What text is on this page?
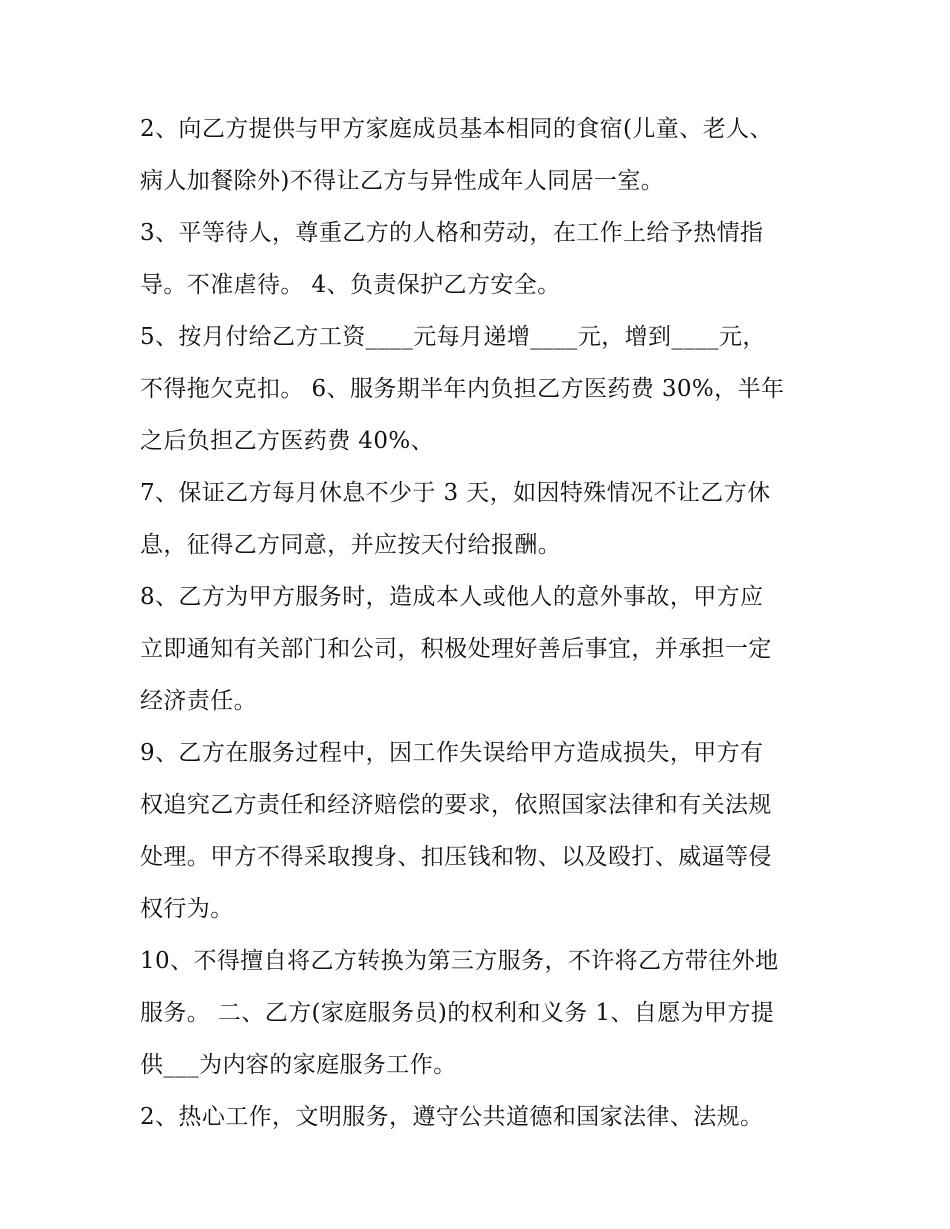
2、向乙方提供与甲方家庭成员基本相同的食宿(儿童、老人、
病人加餐除外)不得让乙方与异性成年人同居一室。
3、平等待人，尊重乙方的人格和劳动，在工作上给予热情指
导。不准虐待。 4、负责保护乙方安全。
5、按月付给乙方工资____元每月递增____元，增到____元，
不得拖欠克扣。 6、服务期半年内负担乙方医药费 30%，半年
之后负担乙方医药费 40%、
7、保证乙方每月休息不少于 3 天，如因特殊情况不让乙方休
息，征得乙方同意，并应按天付给报酬。
8、乙方为甲方服务时，造成本人或他人的意外事故，甲方应
立即通知有关部门和公司，积极处理好善后事宜，并承担一定
经济责任。
9、乙方在服务过程中，因工作失误给甲方造成损失，甲方有
权追究乙方责任和经济赔偿的要求，依照国家法律和有关法规
处理。甲方不得采取搜身、扣压钱和物、以及殴打、威逼等侵
权行为。
10、不得擅自将乙方转换为第三方服务，不许将乙方带往外地
服务。 二、乙方(家庭服务员)的权利和义务 1、自愿为甲方提
供___为内容的家庭服务工作。
2、热心工作，文明服务，遵守公共道德和国家法律、法规。
